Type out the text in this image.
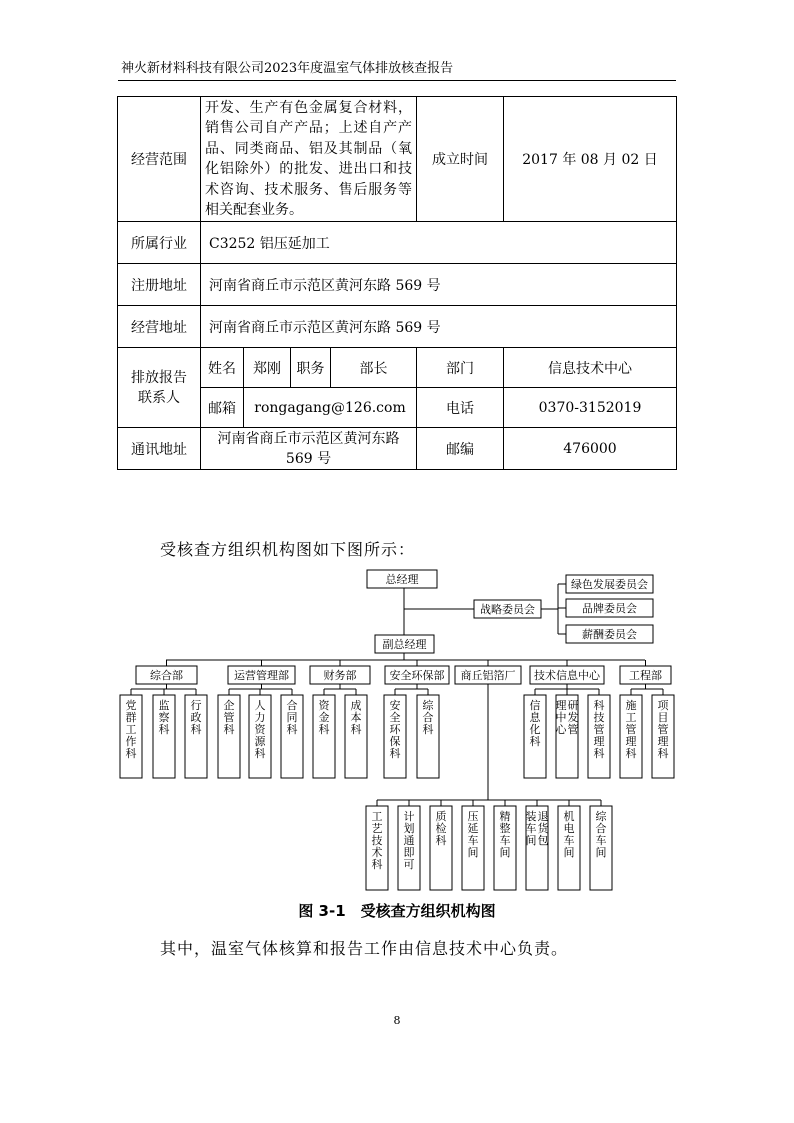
神火新材料科技有限公司2023年度温室气体排放核查报告
经营范围	开发、生产有色金属复合材料，销售公司自产产品；上述自产产品、同类商品、铝及其制品（氧化铝除外）的批发、进出口和技术咨询、技术服务、售后服务等相关配套业务。				成立时间	2017 年 08 月 02 日
所属行业	C3252 铝压延加工					
注册地址	河南省商丘市示范区黄河东路 569 号					
经营地址	河南省商丘市示范区黄河东路 569 号					
排放报告联系人	姓名	郑刚	职务	部长	部门	信息技术中心
	邮箱	rongagang@126.com			电话	0370-3152019
通讯地址	河南省商丘市示范区黄河东路 569 号				邮编	476000
受核查方组织机构图如下图所示：
总经理
战略委员会
绿色发展委员会
品牌委员会
薪酬委员会
副总经理
综合部	运营管理部	财务部	安全环保部 商丘铝箔厂 技术信息中心	工程部
党群工作科
监察科
行政科
企管科
人力资源科
合同科
资金科
成本科
安全环保科
综合科
信息化科
研发管理中心
科技管理科
施工管理科
项目管理科
工艺技术科
计划通即可
质检科
压延车间
精整车间
退货包装车间
机电车间
综合车间
图 3-1　受核查方组织机构图
其中，温室气体核算和报告工作由信息技术中心负责。
8
